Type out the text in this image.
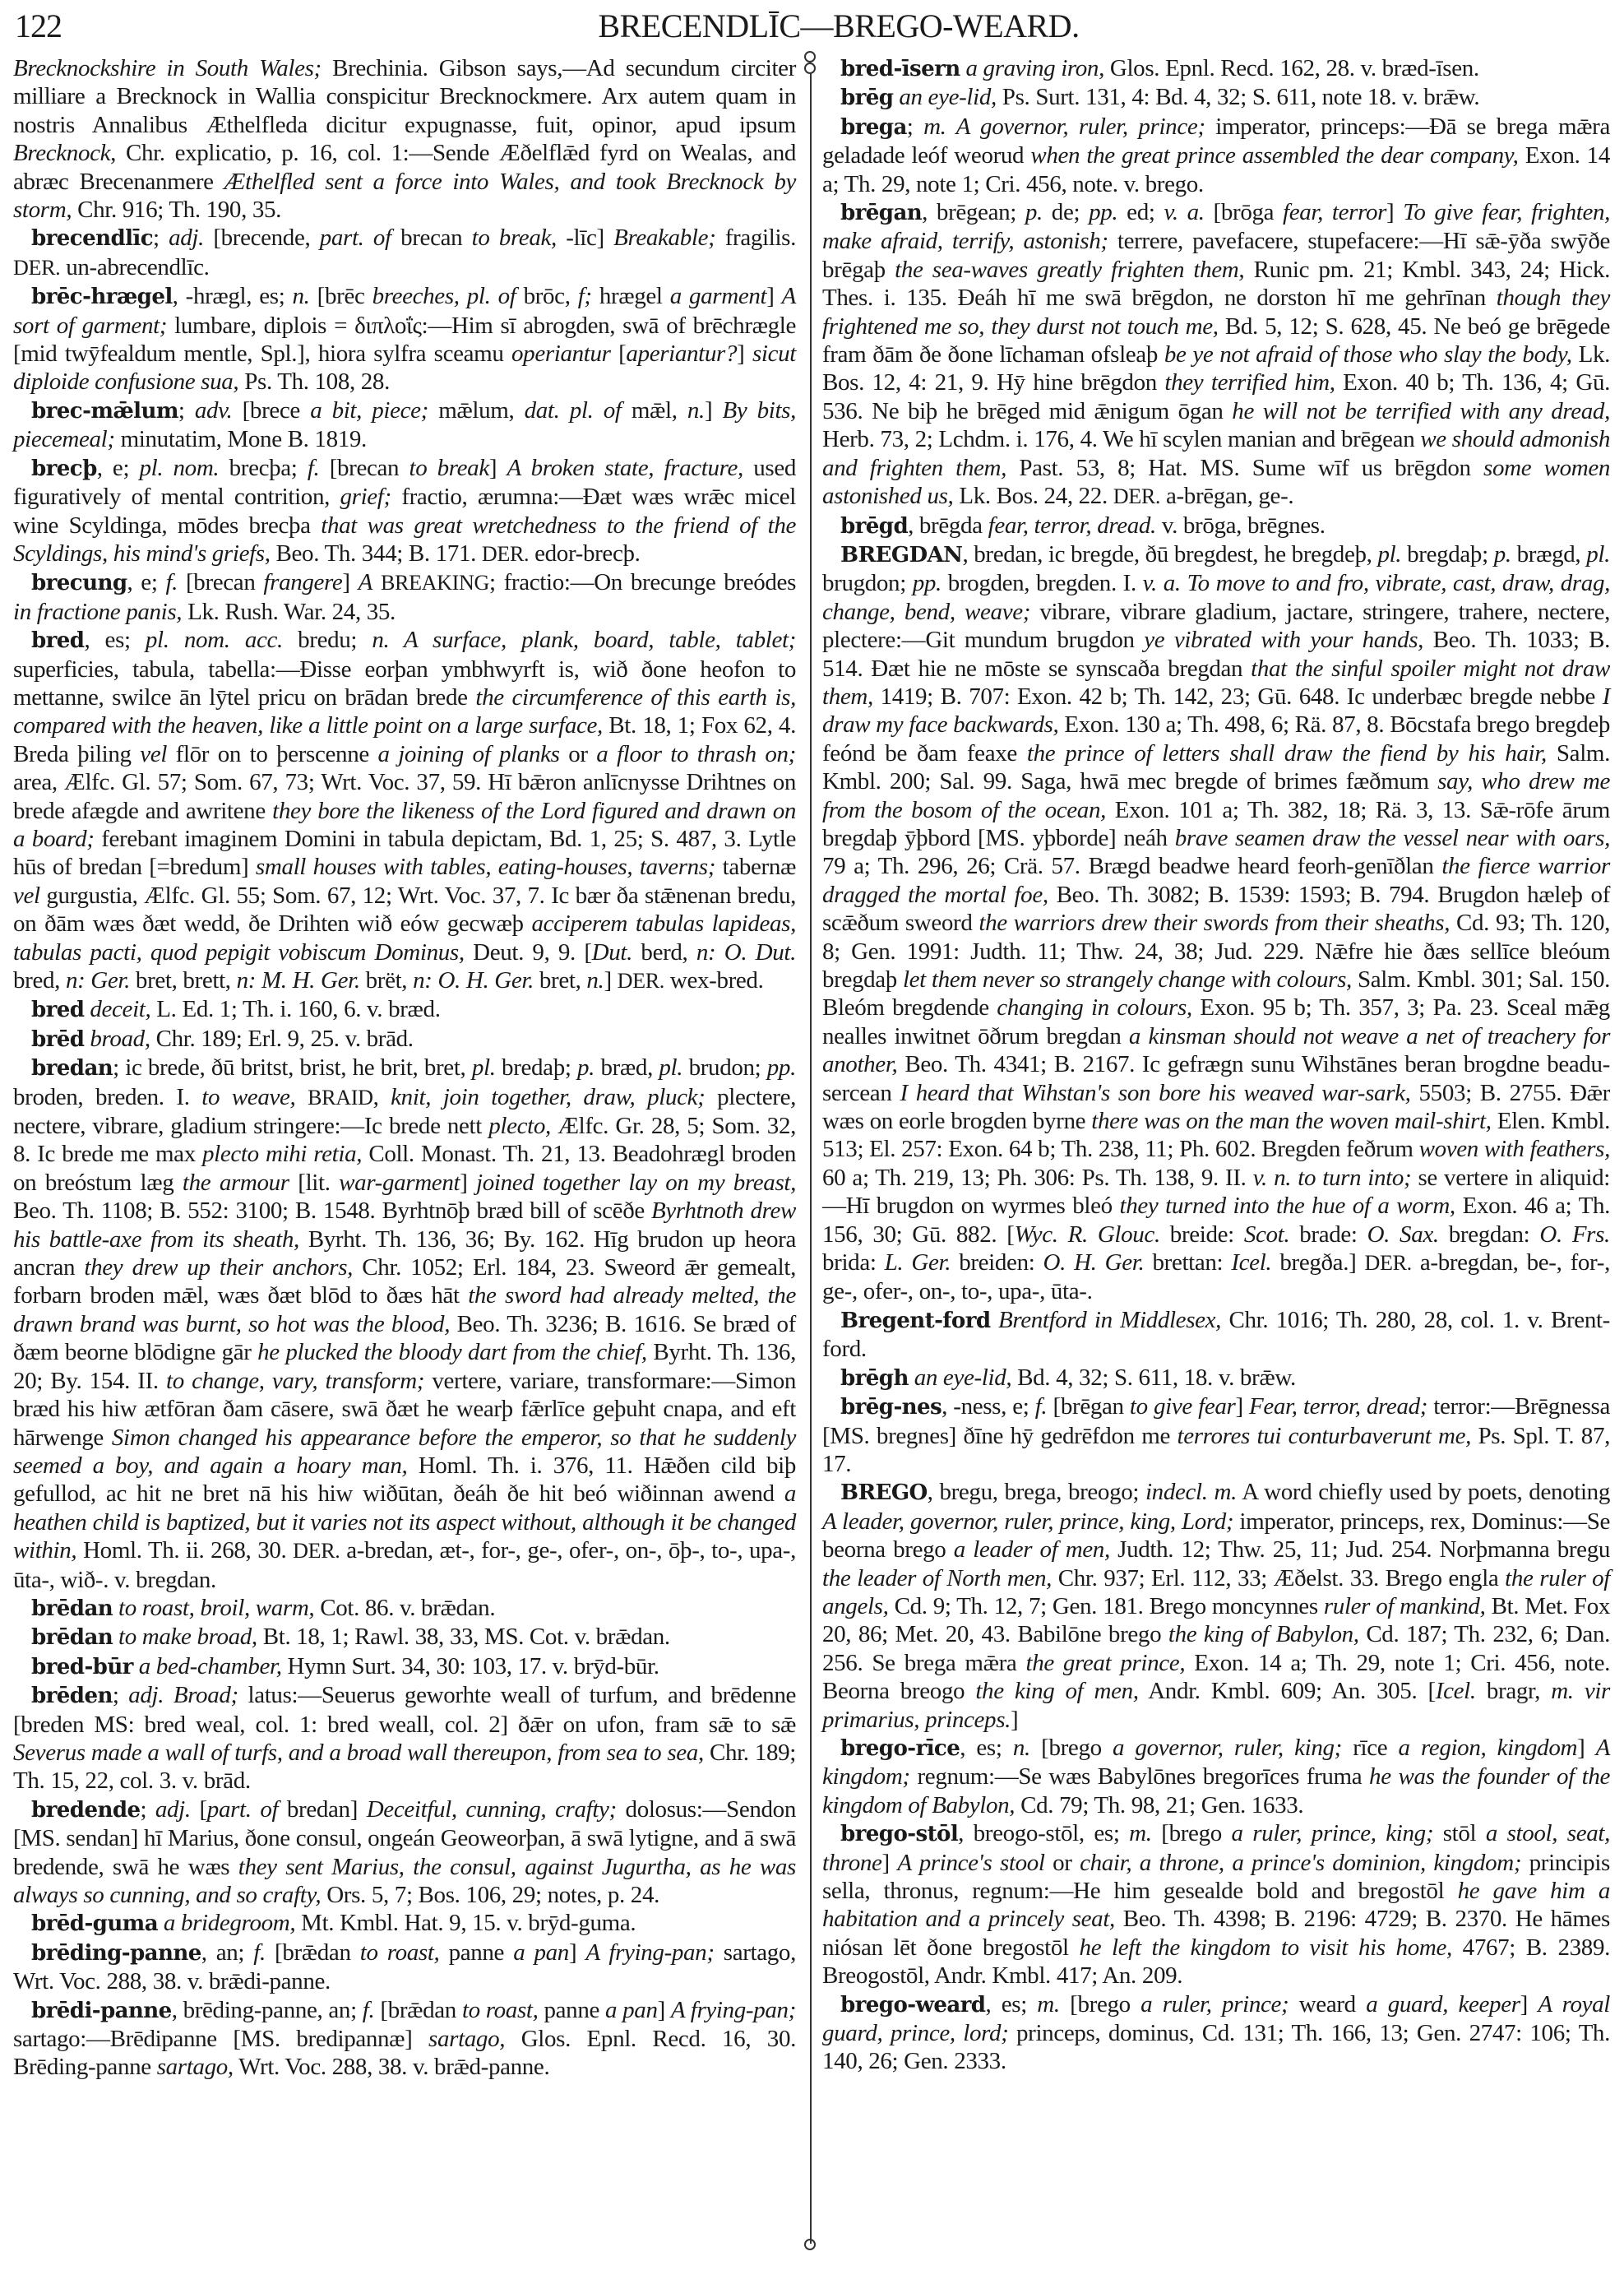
122	BRECENDLĪC—BREGO-WEARD.

Brecknockshire in South Wales; Brechinia. Gibson says,—Ad secundum circiter milliare a Brecknock in Wallia conspicitur Brecknockmere. Arx autem quam in nostris Annalibus Æthelfleda dicitur expugnasse, fuit, opinor, apud ipsum Brecknock, Chr. explicatio, p. 16, col. 1:—Sende Æðelflǣd fyrd on Wealas, and abræc Brecenanmere Æthelfled sent a force into Wales, and took Brecknock by storm, Chr. 916; Th. 190, 35.

brecendlīc; adj. [brecende, part. of brecan to break, -līc] Breakable; fragilis. DER. un-abrecendlīc.

brēc-hrægel, -hrægl, es; n. [brēc breeches, pl. of brōc, f; hrægel a garment] A sort of garment; lumbare, diplois = διπλοΐς:—Him sī abrogden, swā of brēchrægle [mid twȳfealdum mentle, Spl.], hiora sylfra sceamu operiantur [aperiantur?] sicut diploide confusione sua, Ps. Th. 108, 28.

brec-mǣlum; adv. [brece a bit, piece; mǣlum, dat. pl. of mǣl, n.] By bits, piecemeal; minutatim, Mone B. 1819.

brecþ, e; pl. nom. brecþa; f. [brecan to break] A broken state, fracture, used figuratively of mental contrition, grief; fractio, ærumna:—Ðæt wæs wrǣc micel wine Scyldinga, mōdes brecþa that was great wretchedness to the friend of the Scyldings, his mind's griefs, Beo. Th. 344; B. 171. DER. edor-brecþ.

brecung, e; f. [brecan frangere] A BREAKING; fractio:—On brecunge breódes in fractione panis, Lk. Rush. War. 24, 35.

bred, es; pl. nom. acc. bredu; n. A surface, plank, board, table, tablet; superficies, tabula, tabella:—Ðisse eorþan ymbhwyrft is, wið ðone heofon to mettanne, swilce ān lȳtel pricu on brādan brede the circumference of this earth is, compared with the heaven, like a little point on a large surface, Bt. 18, 1; Fox 62, 4. Breda þiling vel flōr on to þerscenne a joining of planks or a floor to thrash on; area, Ælfc. Gl. 57; Som. 67, 73; Wrt. Voc. 37, 59. Hī bǣron anlīcnysse Drihtnes on brede afægde and awritene they bore the likeness of the Lord figured and drawn on a board; ferebant imaginem Domini in tabula depictam, Bd. 1, 25; S. 487, 3. Lytle hūs of bredan [=bredum] small houses with tables, eating-houses, taverns; tabernæ vel gurgustia, Ælfc. Gl. 55; Som. 67, 12; Wrt. Voc. 37, 7. Ic bær ða stǣnenan bredu, on ðām wæs ðæt wedd, ðe Drihten wið eów gecwæþ acciperem tabulas lapideas, tabulas pacti, quod pepigit vobiscum Dominus, Deut. 9, 9. [Dut. berd, n: O. Dut. bred, n: Ger. bret, brett, n: M. H. Ger. brët, n: O. H. Ger. bret, n.] DER. wex-bred.

bred deceit, L. Ed. 1; Th. i. 160, 6. v. bræd.

brēd broad, Chr. 189; Erl. 9, 25. v. brād.

bredan; ic brede, ðū britst, brist, he brit, bret, pl. bredaþ; p. bræd, pl. brudon; pp. broden, breden. I. to weave, BRAID, knit, join together, draw, pluck; plectere, nectere, vibrare, gladium stringere:—Ic brede nett plecto, Ælfc. Gr. 28, 5; Som. 32, 8. Ic brede me max plecto mihi retia, Coll. Monast. Th. 21, 13. Beadohrægl broden on breóstum læg the armour [lit. war-garment] joined together lay on my breast, Beo. Th. 1108; B. 552: 3100; B. 1548. Byrhtnōþ bræd bill of scēðe Byrhtnoth drew his battle-axe from its sheath, Byrht. Th. 136, 36; By. 162. Hīg brudon up heora ancran they drew up their anchors, Chr. 1052; Erl. 184, 23. Sweord ǣr gemealt, forbarn broden mǣl, wæs ðæt blōd to ðæs hāt the sword had already melted, the drawn brand was burnt, so hot was the blood, Beo. Th. 3236; B. 1616. Se bræd of ðæm beorne blōdigne gār he plucked the bloody dart from the chief, Byrht. Th. 136, 20; By. 154. II. to change, vary, transform; vertere, variare, transformare:—Simon bræd his hiw ætfōran ðam cāsere, swā ðæt he wearþ fǣrlīce geþuht cnapa, and eft hārwenge Simon changed his appearance before the emperor, so that he suddenly seemed a boy, and again a hoary man, Homl. Th. i. 376, 11. Hǣðen cild biþ gefullod, ac hit ne bret nā his hiw wiðūtan, ðeáh ðe hit beó wiðinnan awend a heathen child is baptized, but it varies not its aspect without, although it be changed within, Homl. Th. ii. 268, 30. DER. a-bredan, æt-, for-, ge-, ofer-, on-, ōþ-, to-, upa-, ūta-, wið-. v. bregdan.

brēdan to roast, broil, warm, Cot. 86. v. brǣdan.

brēdan to make broad, Bt. 18, 1; Rawl. 38, 33, MS. Cot. v. brǣdan.

bred-būr a bed-chamber, Hymn Surt. 34, 30: 103, 17. v. brȳd-būr.

brēden; adj. Broad; latus:—Seuerus geworhte weall of turfum, and brēdenne [breden MS: bred weal, col. 1: bred weall, col. 2] ðǣr on ufon, fram sǣ to sǣ Severus made a wall of turfs, and a broad wall thereupon, from sea to sea, Chr. 189; Th. 15, 22, col. 3. v. brād.

bredende; adj. [part. of bredan] Deceitful, cunning, crafty; dolosus:—Sendon [MS. sendan] hī Marius, ðone consul, ongeán Geoweorþan, ā swā lytigne, and ā swā bredende, swā he wæs they sent Marius, the consul, against Jugurtha, as he was always so cunning, and so crafty, Ors. 5, 7; Bos. 106, 29; notes, p. 24.

brēd-guma a bridegroom, Mt. Kmbl. Hat. 9, 15. v. brȳd-guma.

brēding-panne, an; f. [brǣdan to roast, panne a pan] A frying-pan; sartago, Wrt. Voc. 288, 38. v. brǣdi-panne.

brēdi-panne, brēding-panne, an; f. [brǣdan to roast, panne a pan] A frying-pan; sartago:—Brēdipanne [MS. bredipannæ] sartago, Glos. Epnl. Recd. 16, 30. Brēding-panne sartago, Wrt. Voc. 288, 38. v. brǣd-panne.

bred-īsern a graving iron, Glos. Epnl. Recd. 162, 28. v. bræd-īsen.

brēg an eye-lid, Ps. Surt. 131, 4: Bd. 4, 32; S. 611, note 18. v. brǣw.

brega; m. A governor, ruler, prince; imperator, princeps:—Ðā se brega mǣra geladade leóf weorud when the great prince assembled the dear company, Exon. 14 a; Th. 29, note 1; Cri. 456, note. v. brego.

brēgan, brēgean; p. de; pp. ed; v. a. [brōga fear, terror] To give fear, frighten, make afraid, terrify, astonish; terrere, pavefacere, stupefacere:—Hī sǣ-ȳða swȳðe brēgaþ the sea-waves greatly frighten them, Runic pm. 21; Kmbl. 343, 24; Hick. Thes. i. 135. Ðeáh hī me swā brēgdon, ne dorston hī me gehrīnan though they frightened me so, they durst not touch me, Bd. 5, 12; S. 628, 45. Ne beó ge brēgede fram ðām ðe ðone līchaman ofsleaþ be ye not afraid of those who slay the body, Lk. Bos. 12, 4: 21, 9. Hȳ hine brēgdon they terrified him, Exon. 40 b; Th. 136, 4; Gū. 536. Ne biþ he brēged mid ǣnigum ōgan he will not be terrified with any dread, Herb. 73, 2; Lchdm. i. 176, 4. We hī scylen manian and brēgean we should admonish and frighten them, Past. 53, 8; Hat. MS. Sume wīf us brēgdon some women astonished us, Lk. Bos. 24, 22. DER. a-brēgan, ge-.

brēgd, brēgda fear, terror, dread. v. brōga, brēgnes.

BREGDAN, bredan, ic bregde, ðū bregdest, he bregdeþ, pl. bregdaþ; p. brægd, pl. brugdon; pp. brogden, bregden. I. v. a. To move to and fro, vibrate, cast, draw, drag, change, bend, weave; vibrare, vibrare gladium, jactare, stringere, trahere, nectere, plectere:—Git mundum brugdon ye vibrated with your hands, Beo. Th. 1033; B. 514. Ðæt hie ne mōste se synscaða bregdan that the sinful spoiler might not draw them, 1419; B. 707: Exon. 42 b; Th. 142, 23; Gū. 648. Ic underbæc bregde nebbe I draw my face backwards, Exon. 130 a; Th. 498, 6; Rä. 87, 8. Bōcstafa brego bregdeþ feónd be ðam feaxe the prince of letters shall draw the fiend by his hair, Salm. Kmbl. 200; Sal. 99. Saga, hwā mec bregde of brimes fæðmum say, who drew me from the bosom of the ocean, Exon. 101 a; Th. 382, 18; Rä. 3, 13. Sǣ-rōfe ārum bregdaþ ȳþbord [MS. yþborde] neáh brave seamen draw the vessel near with oars, 79 a; Th. 296, 26; Crä. 57. Brægd beadwe heard feorh-genīðlan the fierce warrior dragged the mortal foe, Beo. Th. 3082; B. 1539: 1593; B. 794. Brugdon hæleþ of scǣðum sweord the warriors drew their swords from their sheaths, Cd. 93; Th. 120, 8; Gen. 1991: Judth. 11; Thw. 24, 38; Jud. 229. Nǣfre hie ðæs sellīce bleóum bregdaþ let them never so strangely change with colours, Salm. Kmbl. 301; Sal. 150. Bleóm bregdende changing in colours, Exon. 95 b; Th. 357, 3; Pa. 23. Sceal mǣg nealles inwitnet ōðrum bregdan a kinsman should not weave a net of treachery for another, Beo. Th. 4341; B. 2167. Ic gefrægn sunu Wihstānes beran brogdne beadu-sercean I heard that Wihstan's son bore his weaved war-sark, 5503; B. 2755. Ðǣr wæs on eorle brogden byrne there was on the man the woven mail-shirt, Elen. Kmbl. 513; El. 257: Exon. 64 b; Th. 238, 11; Ph. 602. Bregden feðrum woven with feathers, 60 a; Th. 219, 13; Ph. 306: Ps. Th. 138, 9. II. v. n. to turn into; se vertere in aliquid:—Hī brugdon on wyrmes bleó they turned into the hue of a worm, Exon. 46 a; Th. 156, 30; Gū. 882. [Wyc. R. Glouc. breide: Scot. brade: O. Sax. bregdan: O. Frs. brida: L. Ger. breiden: O. H. Ger. brettan: Icel. bregða.] DER. a-bregdan, be-, for-, ge-, ofer-, on-, to-, upa-, ūta-.

Bregent-ford Brentford in Middlesex, Chr. 1016; Th. 280, 28, col. 1. v. Brent-ford.

brēgh an eye-lid, Bd. 4, 32; S. 611, 18. v. brǣw.

brēg-nes, -ness, e; f. [brēgan to give fear] Fear, terror, dread; terror:—Brēgnessa [MS. bregnes] ðīne hȳ gedrēfdon me terrores tui conturbaverunt me, Ps. Spl. T. 87, 17.

BREGO, bregu, brega, breogo; indecl. m. A word chiefly used by poets, denoting A leader, governor, ruler, prince, king, Lord; imperator, princeps, rex, Dominus:—Se beorna brego a leader of men, Judth. 12; Thw. 25, 11; Jud. 254. Norþmanna bregu the leader of North men, Chr. 937; Erl. 112, 33; Æðelst. 33. Brego engla the ruler of angels, Cd. 9; Th. 12, 7; Gen. 181. Brego moncynnes ruler of mankind, Bt. Met. Fox 20, 86; Met. 20, 43. Babilōne brego the king of Babylon, Cd. 187; Th. 232, 6; Dan. 256. Se brega mǣra the great prince, Exon. 14 a; Th. 29, note 1; Cri. 456, note. Beorna breogo the king of men, Andr. Kmbl. 609; An. 305. [Icel. bragr, m. vir primarius, princeps.]

brego-rīce, es; n. [brego a governor, ruler, king; rīce a region, kingdom] A kingdom; regnum:—Se wæs Babylōnes bregorīces fruma he was the founder of the kingdom of Babylon, Cd. 79; Th. 98, 21; Gen. 1633.

brego-stōl, breogo-stōl, es; m. [brego a ruler, prince, king; stōl a stool, seat, throne] A prince's stool or chair, a throne, a prince's dominion, kingdom; principis sella, thronus, regnum:—He him gesealde bold and bregostōl he gave him a habitation and a princely seat, Beo. Th. 4398; B. 2196: 4729; B. 2370. He hāmes niósan lēt ðone bregostōl he left the kingdom to visit his home, 4767; B. 2389. Breogostōl, Andr. Kmbl. 417; An. 209.

brego-weard, es; m. [brego a ruler, prince; weard a guard, keeper] A royal guard, prince, lord; princeps, dominus, Cd. 131; Th. 166, 13; Gen. 2747: 106; Th. 140, 26; Gen. 2333.
